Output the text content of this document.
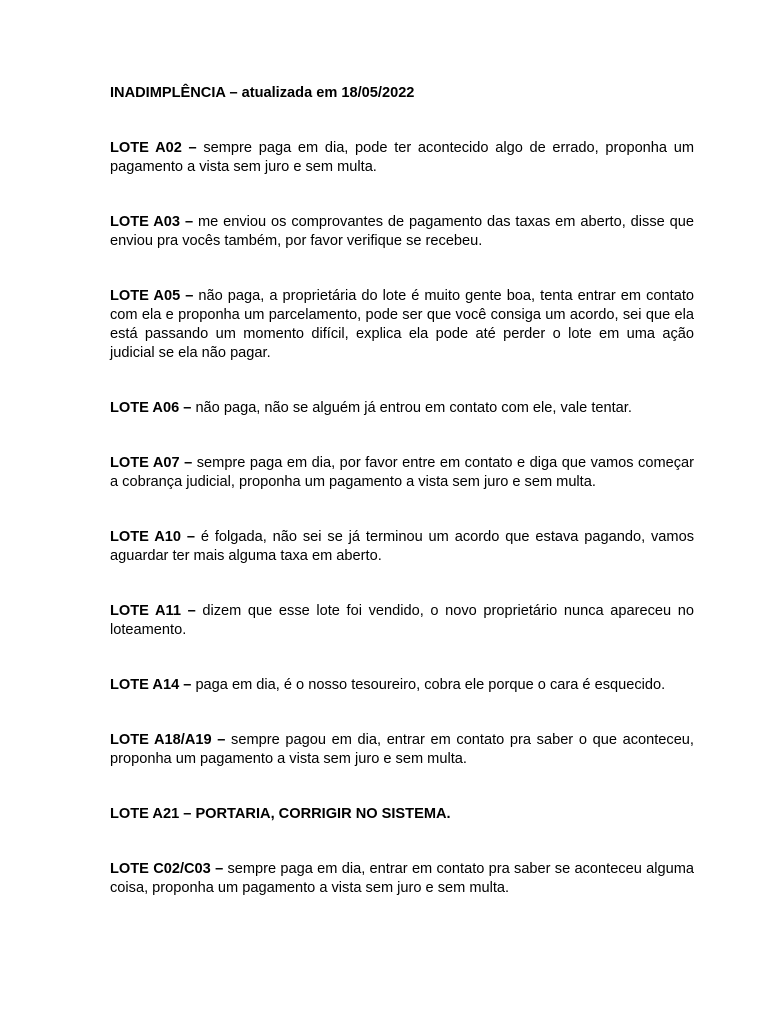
INADIMPLÊNCIA – atualizada em 18/05/2022

LOTE A02 – sempre paga em dia, pode ter acontecido algo de errado, proponha um pagamento a vista sem juro e sem multa.

LOTE A03 – me enviou os comprovantes de pagamento das taxas em aberto, disse que enviou pra vocês também, por favor verifique se recebeu.

LOTE A05 – não paga, a proprietária do lote é muito gente boa, tenta entrar em contato com ela e proponha um parcelamento, pode ser que você consiga um acordo, sei que ela está passando um momento difícil, explica ela pode até perder o lote em uma ação judicial se ela não pagar.

LOTE A06 – não paga, não se alguém já entrou em contato com ele, vale tentar.

LOTE A07 – sempre paga em dia, por favor entre em contato e diga que vamos começar a cobrança judicial, proponha um pagamento a vista sem juro e sem multa.

LOTE A10 – é folgada, não sei se já terminou um acordo que estava pagando, vamos aguardar ter mais alguma taxa em aberto.

LOTE A11 – dizem que esse lote foi vendido, o novo proprietário nunca apareceu no loteamento.

LOTE A14 – paga em dia, é o nosso tesoureiro, cobra ele porque o cara é esquecido.

LOTE A18/A19 – sempre pagou em dia, entrar em contato pra saber o que aconteceu, proponha um pagamento a vista sem juro e sem multa.

LOTE A21 – PORTARIA, CORRIGIR NO SISTEMA.

LOTE C02/C03 – sempre paga em dia, entrar em contato pra saber se aconteceu alguma coisa, proponha um pagamento a vista sem juro e sem multa.
